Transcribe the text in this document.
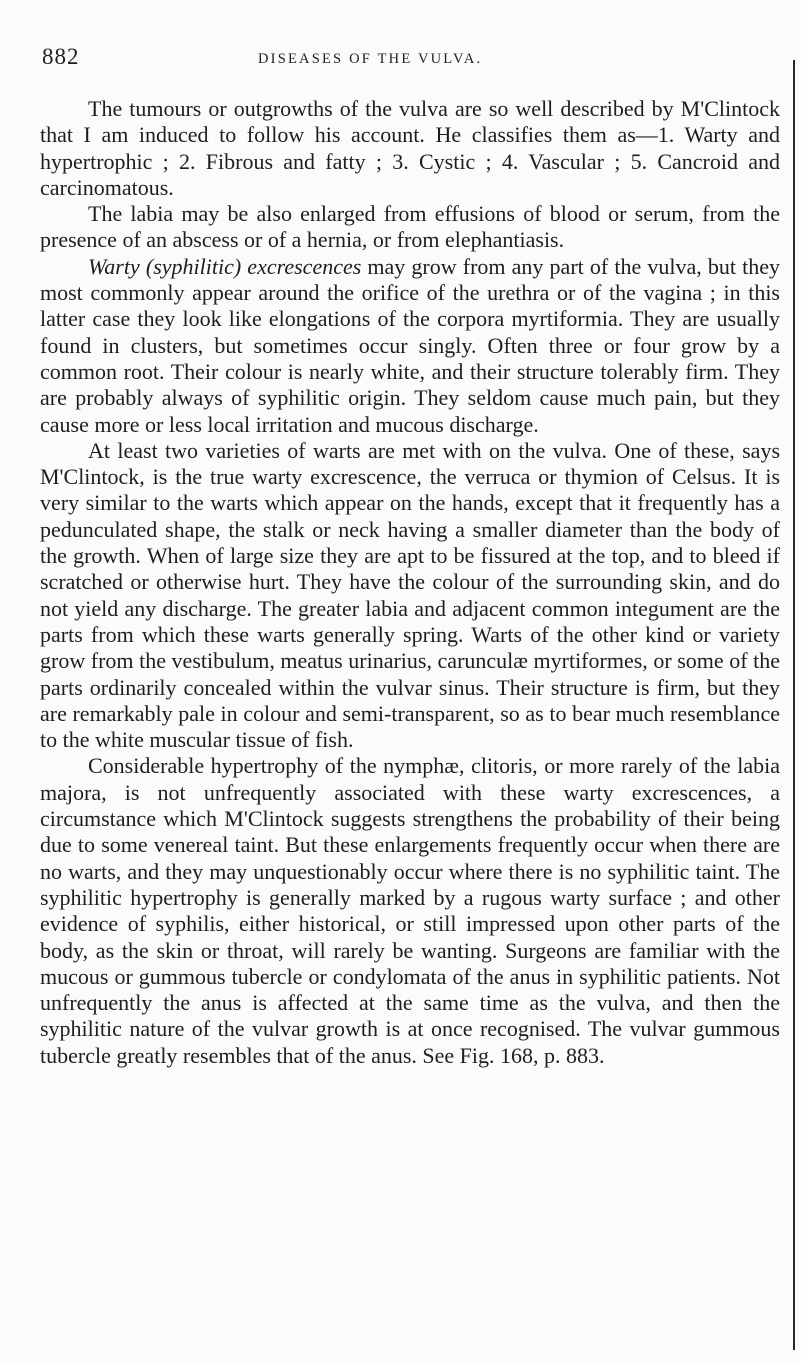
882	DISEASES OF THE VULVA.

The tumours or outgrowths of the vulva are so well described by M'Clintock that I am induced to follow his account. He classifies them as—1. Warty and hypertrophic ; 2. Fibrous and fatty ; 3. Cystic ; 4. Vascular ; 5. Cancroid and carcinomatous.

The labia may be also enlarged from effusions of blood or serum, from the presence of an abscess or of a hernia, or from elephantiasis.

Warty (syphilitic) excrescences may grow from any part of the vulva, but they most commonly appear around the orifice of the urethra or of the vagina ; in this latter case they look like elongations of the corpora myrtiformia. They are usually found in clusters, but sometimes occur singly. Often three or four grow by a common root. Their colour is nearly white, and their structure tolerably firm. They are probably always of syphilitic origin. They seldom cause much pain, but they cause more or less local irritation and mucous discharge.

At least two varieties of warts are met with on the vulva. One of these, says M'Clintock, is the true warty excrescence, the verruca or thymion of Celsus. It is very similar to the warts which appear on the hands, except that it frequently has a pedunculated shape, the stalk or neck having a smaller diameter than the body of the growth. When of large size they are apt to be fissured at the top, and to bleed if scratched or otherwise hurt. They have the colour of the surrounding skin, and do not yield any discharge. The greater labia and adjacent common integument are the parts from which these warts generally spring. Warts of the other kind or variety grow from the vestibulum, meatus urinarius, carunculæ myrtiformes, or some of the parts ordinarily concealed within the vulvar sinus. Their structure is firm, but they are remarkably pale in colour and semi-transparent, so as to bear much resemblance to the white muscular tissue of fish.

Considerable hypertrophy of the nymphæ, clitoris, or more rarely of the labia majora, is not unfrequently associated with these warty excrescences, a circumstance which M'Clintock suggests strengthens the probability of their being due to some venereal taint. But these enlargements frequently occur when there are no warts, and they may unquestionably occur where there is no syphilitic taint. The syphilitic hypertrophy is generally marked by a rugous warty surface ; and other evidence of syphilis, either historical, or still impressed upon other parts of the body, as the skin or throat, will rarely be wanting. Surgeons are familiar with the mucous or gummous tubercle or condylomata of the anus in syphilitic patients. Not unfrequently the anus is affected at the same time as the vulva, and then the syphilitic nature of the vulvar growth is at once recognised. The vulvar gummous tubercle greatly resembles that of the anus. See Fig. 168, p. 883.
